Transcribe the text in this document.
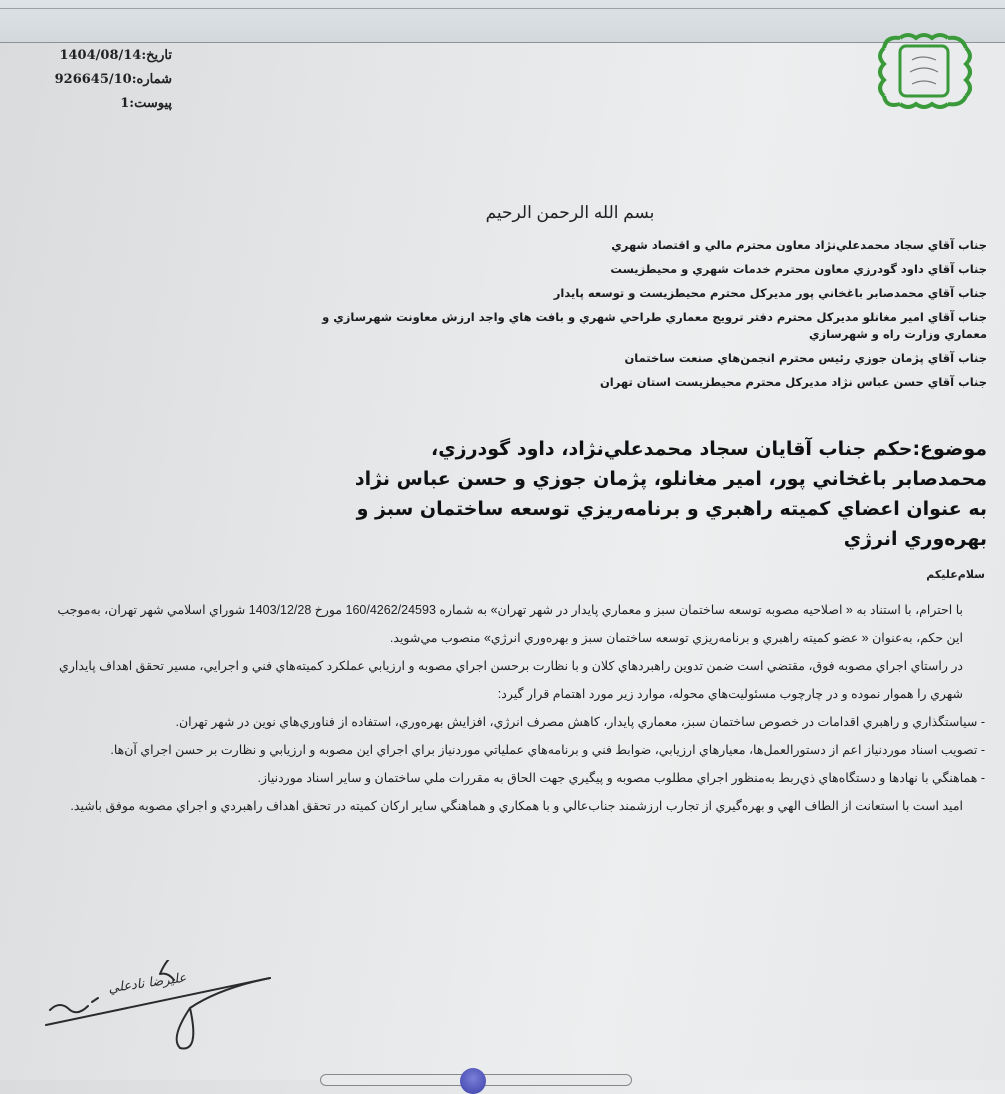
تاريخ:1404/08/14
شماره:926645/10
پيوست:1
بسم الله الرحمن الرحيم
جناب آقاي سجاد محمدعلي‌نژاد معاون محترم مالي و اقتصاد شهري
جناب آقاي داود گودرزي معاون محترم خدمات شهري و محيطزيست
جناب آقاي محمدصابر باغخاني پور مديركل محترم محيطزيست و توسعه پايدار
جناب آقاي امير مغانلو مديركل محترم دفتر ترويج معماري طراحي شهري و بافت هاي واجد ارزش معاونت شهرسازي و معماري وزارت راه و شهرسازي
جناب آقاي پژمان جوزي رئيس محترم انجمن‌هاي صنعت ساختمان
جناب آقاي حسن عباس نژاد مديركل محترم محيطزيست استان تهران
موضوع:حكم جناب آقايان سجاد محمدعلي‌نژاد، داود گودرزي، محمدصابر باغخاني پور، امير مغانلو، پژمان جوزي و حسن عباس نژاد به عنوان اعضاي كميته راهبري و برنامه‌ريزي توسعه ساختمان سبز و بهره‌وري انرژي
سلام‌عليكم

با احترام، با استناد به « اصلاحيه مصوبه توسعه ساختمان سبز و معماري پايدار در شهر تهران» به شماره 160/4262/24593 مورخ 1403/12/28 شوراي اسلامي شهر تهران، به‌موجب اين حكم، به‌عنوان « عضو كميته راهبري و برنامه‌ريزي توسعه ساختمان سبز و بهره‌وري انرژي» منصوب مي‌شويد.

در راستاي اجراي مصوبه فوق، مقتضي است ضمن تدوين راهبردهاي كلان و با نظارت برحسن اجراي مصوبه و ارزيابي عملكرد كميته‌هاي فني و اجرايي، مسير تحقق اهداف پايداري شهري را هموار نموده و در چارچوب مسئوليت‌هاي محوله، موارد زير مورد اهتمام قرار گيرد:

- سياستگذاري و راهبري اقدامات در خصوص ساختمان سبز، معماري پايدار، كاهش مصرف انرژي، افزايش بهره‌وري، استفاده از فناوري‌هاي نوين در شهر تهران.

- تصويب اسناد موردنياز اعم از دستورالعمل‌ها، معيارهاي ارزيابي، ضوابط فني و برنامه‌هاي عملياتي موردنياز براي اجراي اين مصوبه و ارزيابي و نظارت بر حسن اجراي آن‌ها.

- هماهنگي با نهادها و دستگاه‌هاي ذي‌ربط به‌منظور اجراي مطلوب مصوبه و پيگيري جهت الحاق به مقررات ملي ساختمان و ساير اسناد موردنياز.

اميد است با استعانت از الطاف الهي و بهره‌گيري از تجارب ارزشمند جناب‌عالي و با همكاري و هماهنگي ساير اركان كميته در تحقق اهداف راهبردي و اجراي مصوبه موفق باشيد.

عليرضا نادعلي
